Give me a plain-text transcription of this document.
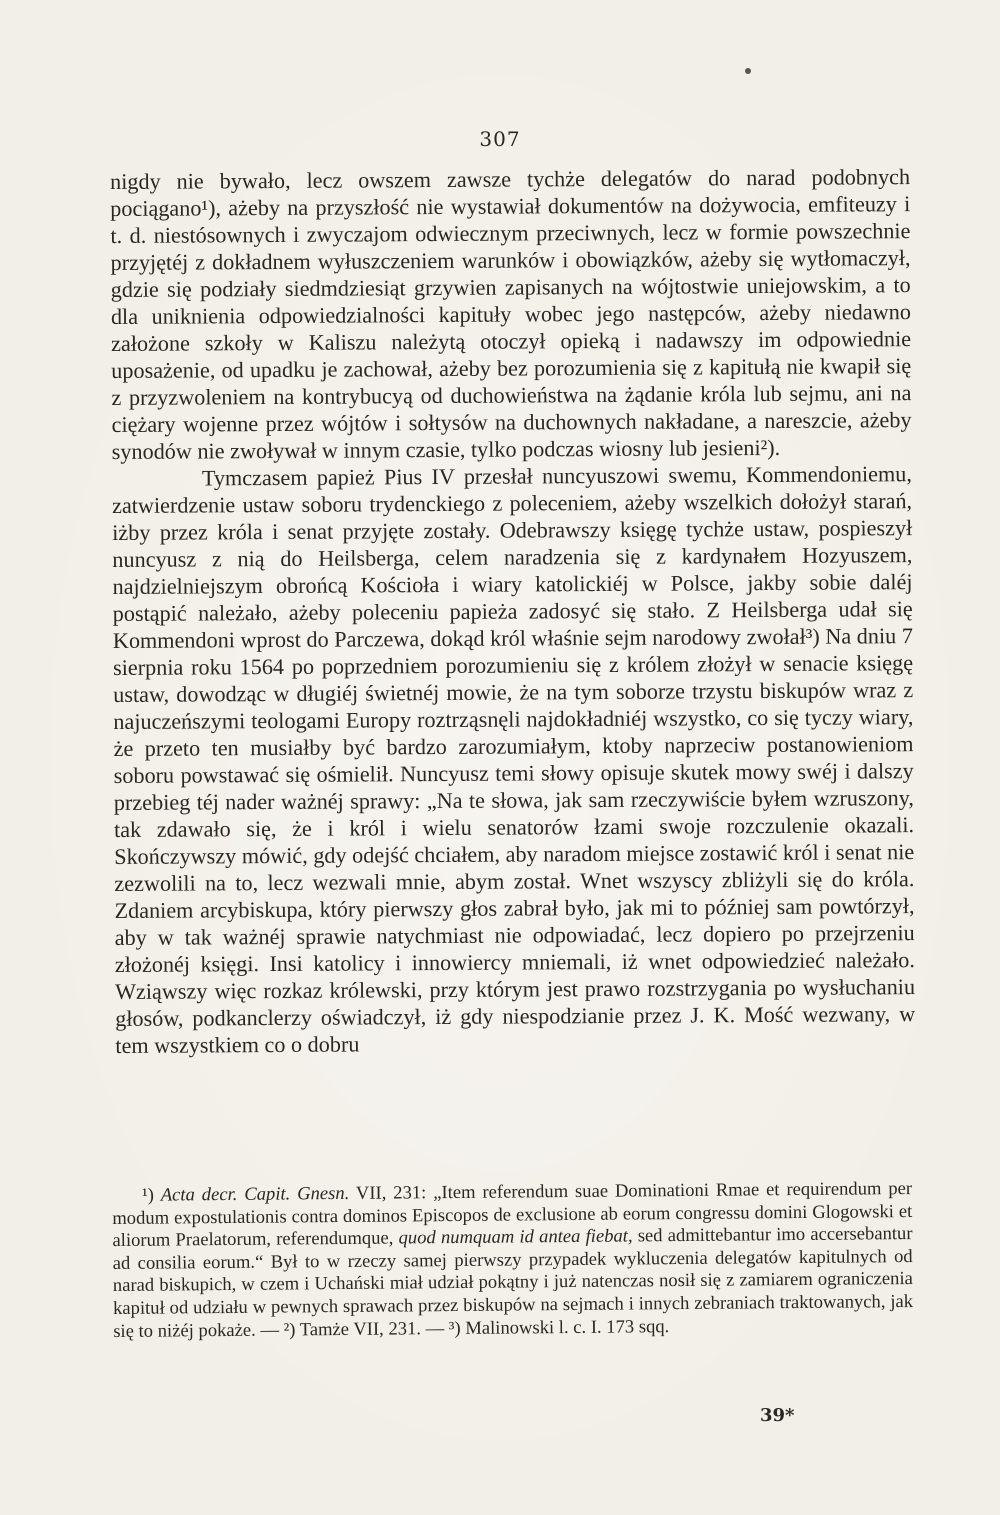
307

nigdy nie bywało, lecz owszem zawsze tychże delegatów do narad podobnych pociągano¹), ażeby na przyszłość nie wystawiał dokumentów na dożywocia, emfiteuzy i t. d. niestósownych i zwyczajom odwiecznym przeciwnych, lecz w formie powszechnie przyjętéj z dokładnem wyłuszczeniem warunków i obowiązków, ażeby się wytłomaczył, gdzie się podziały siedmdziesiąt grzywien zapisanych na wójtostwie uniejowskim, a to dla uniknienia odpowiedzialności kapituły wobec jego następców, ażeby niedawno założone szkoły w Kaliszu należytą otoczył opieką i nadawszy im odpowiednie uposażenie, od upadku je zachował, ażeby bez porozumienia się z kapitułą nie kwapił się z przyzwoleniem na kontrybucyą od duchowieństwa na żądanie króla lub sejmu, ani na ciężary wojenne przez wójtów i sołtysów na duchownych nakładane, a nareszcie, ażeby synodów nie zwoływał w innym czasie, tylko podczas wiosny lub jesieni²).

Tymczasem papież Pius IV przesłał nuncyuszowi swemu, Kommendoniemu, zatwierdzenie ustaw soboru trydenckiego z poleceniem, ażeby wszelkich dołożył starań, iżby przez króla i senat przyjęte zostały. Odebrawszy księgę tychże ustaw, pospieszył nuncyusz z nią do Heilsberga, celem naradzenia się z kardynałem Hozyuszem, najdzielniejszym obrońcą Kościoła i wiary katolickiéj w Polsce, jakby sobie daléj postąpić należało, ażeby poleceniu papieża zadosyć się stało. Z Heilsberga udał się Kommendoni wprost do Parczewa, dokąd król właśnie sejm narodowy zwołał³) Na dniu 7 sierpnia roku 1564 po poprzedniem porozumieniu się z królem złożył w senacie księgę ustaw, dowodząc w długiéj świetnéj mowie, że na tym soborze trzystu biskupów wraz z najuczeńszymi teologami Europy roztrząsnęli najdokładniéj wszystko, co się tyczy wiary, że przeto ten musiałby być bardzo zarozumiałym, ktoby naprzeciw postanowieniom soboru powstawać się ośmielił. Nuncyusz temi słowy opisuje skutek mowy swéj i dalszy przebieg téj nader ważnéj sprawy: „Na te słowa, jak sam rzeczywiście byłem wzruszony, tak zdawało się, że i król i wielu senatorów łzami swoje rozczulenie okazali. Skończywszy mówić, gdy odejść chciałem, aby naradom miejsce zostawić król i senat nie zezwolili na to, lecz wezwali mnie, abym został. Wnet wszyscy zbliżyli się do króla. Zdaniem arcybiskupa, który pierwszy głos zabrał było, jak mi to później sam powtórzył, aby w tak ważnéj sprawie natychmiast nie odpowiadać, lecz dopiero po przejrzeniu złożonéj księgi. Insi katolicy i innowiercy mniemali, iż wnet odpowiedzieć należało. Wziąwszy więc rozkaz królewski, przy którym jest prawo rozstrzygania po wysłuchaniu głosów, podkanclerzy oświadczył, iż gdy niespodzianie przez J. K. Mość wezwany, w tem wszystkiem co o dobru

¹) Acta decr. Capit. Gnesn. VII, 231: „Item referendum suae Dominationi Rmae et requirendum per modum expostulationis contra dominos Episcopos de exclusione ab eorum congressu domini Glogowski et aliorum Praelatorum, referendumque, quod numquam id antea fiebat, sed admittebantur imo accersebantur ad consilia eorum.“ Był to w rzeczy samej pierwszy przypadek wykluczenia delegatów kapitulnych od narad biskupich, w czem i Uchański miał udział pokątny i już natenczas nosił się z zamiarem ograniczenia kapituł od udziału w pewnych sprawach przez biskupów na sejmach i innych zebraniach traktowanych, jak się to niżéj pokaże. — ²) Tamże VII, 231. — ³) Malinowski l. c. I. 173 sqq.

39*
